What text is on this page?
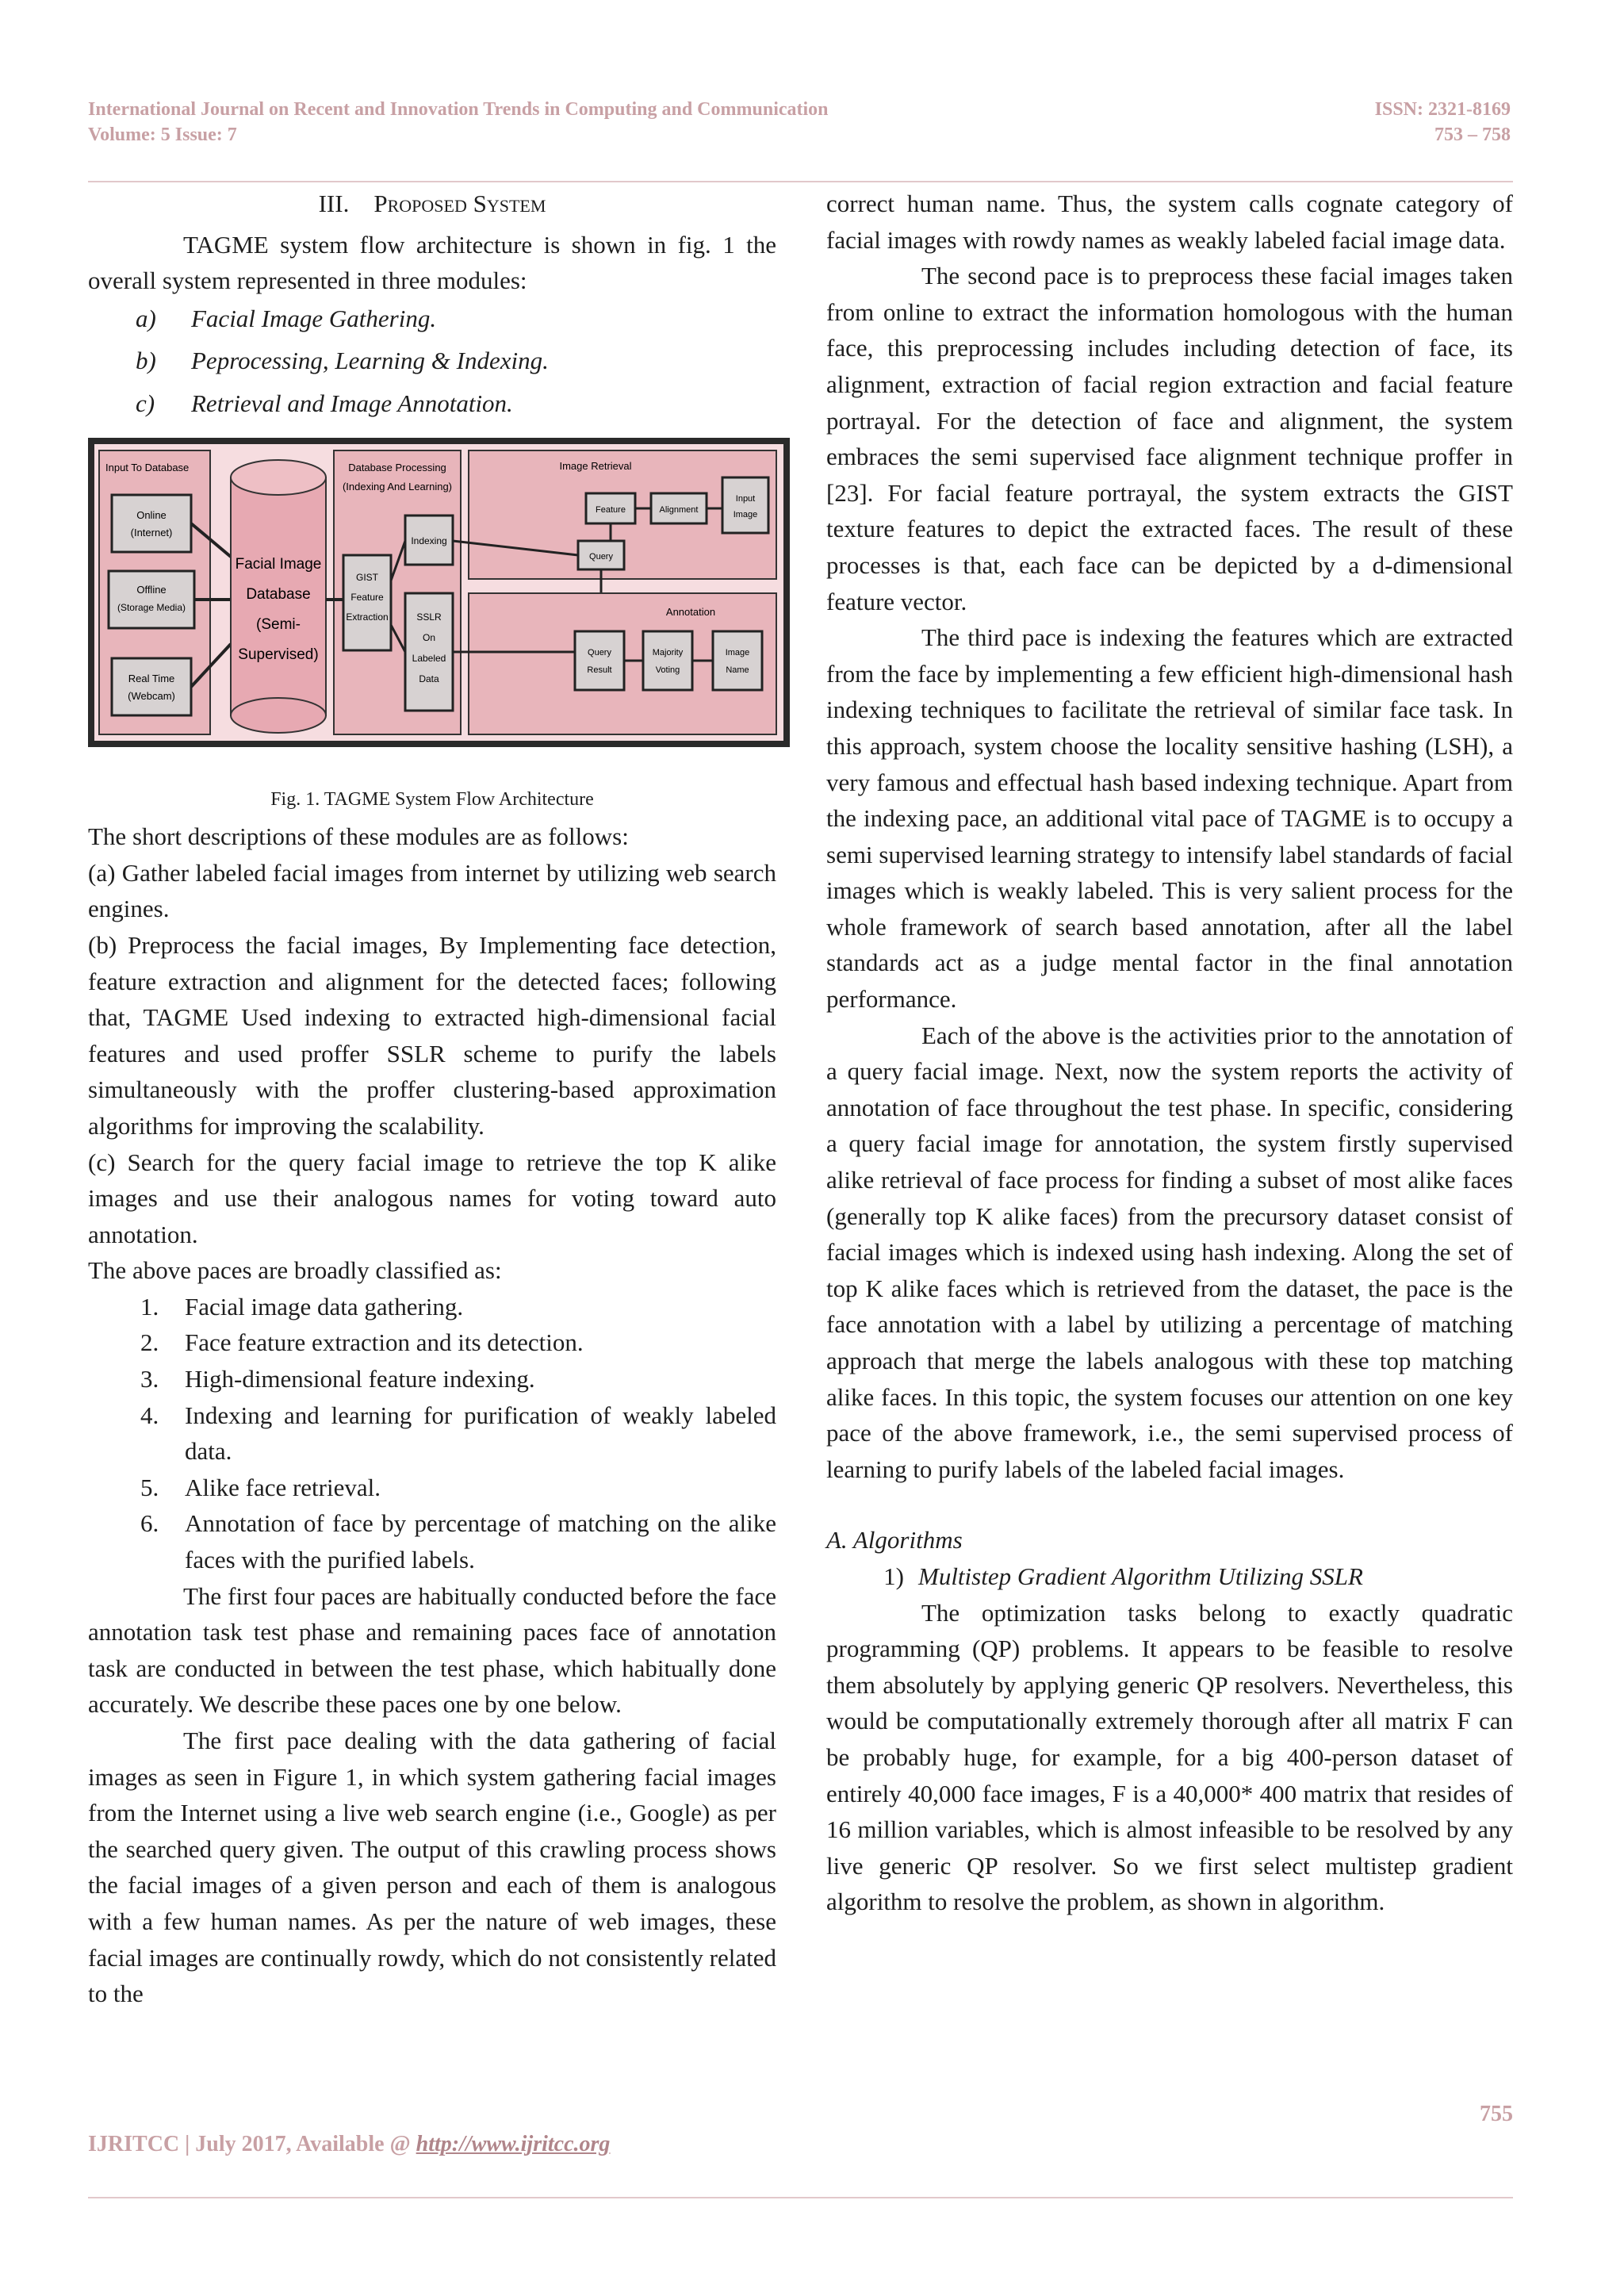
International Journal on Recent and Innovation Trends in Computing and Communication
Volume: 5 Issue: 7
ISSN: 2321-8169
753 – 758
III. Proposed System

TAGME system flow architecture is shown in fig. 1 the overall system represented in three modules:

a)	Facial Image Gathering.
b)	Peprocessing, Learning & Indexing.
c)	Retrieval and Image Annotation.
Input To Database
Online
(Internet)
Offline
(Storage Media)
Real Time
(Webcam)
Facial Image
Database
(Semi-
Supervised)
Database Processing
(Indexing And Learning)
GIST
Feature
Extraction
Indexing
SSLR
On
Labeled
Data
Image Retrieval
Feature	Alignment
Input
Image
Query
Annotation
Query
Result
Majority
Voting
Image
Name
Fig. 1. TAGME System Flow Architecture

The short descriptions of these modules are as follows:

(a) Gather labeled facial images from internet by utilizing web search engines.

(b) Preprocess the facial images, By Implementing face detection, feature extraction and alignment for the detected faces; following that, TAGME Used indexing to extracted high-dimensional facial features and used proffer SSLR scheme to purify the labels simultaneously with the proffer clustering-based approximation algorithms for improving the scalability.

(c) Search for the query facial image to retrieve the top K alike images and use their analogous names for voting toward auto annotation.

The above paces are broadly classified as:

1.	Facial image data gathering.
2.	Face feature extraction and its detection.
3.	High-dimensional feature indexing.
4.	Indexing and learning for purification of weakly labeled data.
5.	Alike face retrieval.
6.	Annotation of face by percentage of matching on the alike faces with the purified labels.

The first four paces are habitually conducted before the face annotation task test phase and remaining paces face of annotation task are conducted in between the test phase, which habitually done accurately. We describe these paces one by one below.

The first pace dealing with the data gathering of facial images as seen in Figure 1, in which system gathering facial images from the Internet using a live web search engine (i.e., Google) as per the searched query given. The output of this crawling process shows the facial images of a given person and each of them is analogous with a few human names. As per the nature of web images, these facial images are continually rowdy, which do not consistently related to the

correct human name. Thus, the system calls cognate category of facial images with rowdy names as weakly labeled facial image data.

The second pace is to preprocess these facial images taken from online to extract the information homologous with the human face, this preprocessing includes including detection of face, its alignment, extraction of facial region extraction and facial feature portrayal. For the detection of face and alignment, the system embraces the semi supervised face alignment technique proffer in [23]. For facial feature portrayal, the system extracts the GIST texture features to depict the extracted faces. The result of these processes is that, each face can be depicted by a d-dimensional feature vector.

The third pace is indexing the features which are extracted from the face by implementing a few efficient high-dimensional hash indexing techniques to facilitate the retrieval of similar face task. In this approach, system choose the locality sensitive hashing (LSH), a very famous and effectual hash based indexing technique. Apart from the indexing pace, an additional vital pace of TAGME is to occupy a semi supervised learning strategy to intensify label standards of facial images which is weakly labeled. This is very salient process for the whole framework of search based annotation, after all the label standards act as a judge mental factor in the final annotation performance.

Each of the above is the activities prior to the annotation of a query facial image. Next, now the system reports the activity of annotation of face throughout the test phase. In specific, considering a query facial image for annotation, the system firstly supervised alike retrieval of face process for finding a subset of most alike faces (generally top K alike faces) from the precursory dataset consist of facial images which is indexed using hash indexing. Along the set of top K alike faces which is retrieved from the dataset, the pace is the face annotation with a label by utilizing a percentage of matching approach that merge the labels analogous with these top matching alike faces. In this topic, the system focuses our attention on one key pace of the above framework, i.e., the semi supervised process of learning to purify labels of the labeled facial images.

A. Algorithms
1) Multistep Gradient Algorithm Utilizing SSLR

The optimization tasks belong to exactly quadratic programming (QP) problems. It appears to be feasible to resolve them absolutely by applying generic QP resolvers. Nevertheless, this would be computationally extremely thorough after all matrix F can be probably huge, for example, for a big 400-person dataset of entirely 40,000 face images, F is a 40,000* 400 matrix that resides of 16 million variables, which is almost infeasible to be resolved by any live generic QP resolver. So we first select multistep gradient algorithm to resolve the problem, as shown in algorithm.

755
IJRITCC | July 2017, Available @ http://www.ijritcc.org
